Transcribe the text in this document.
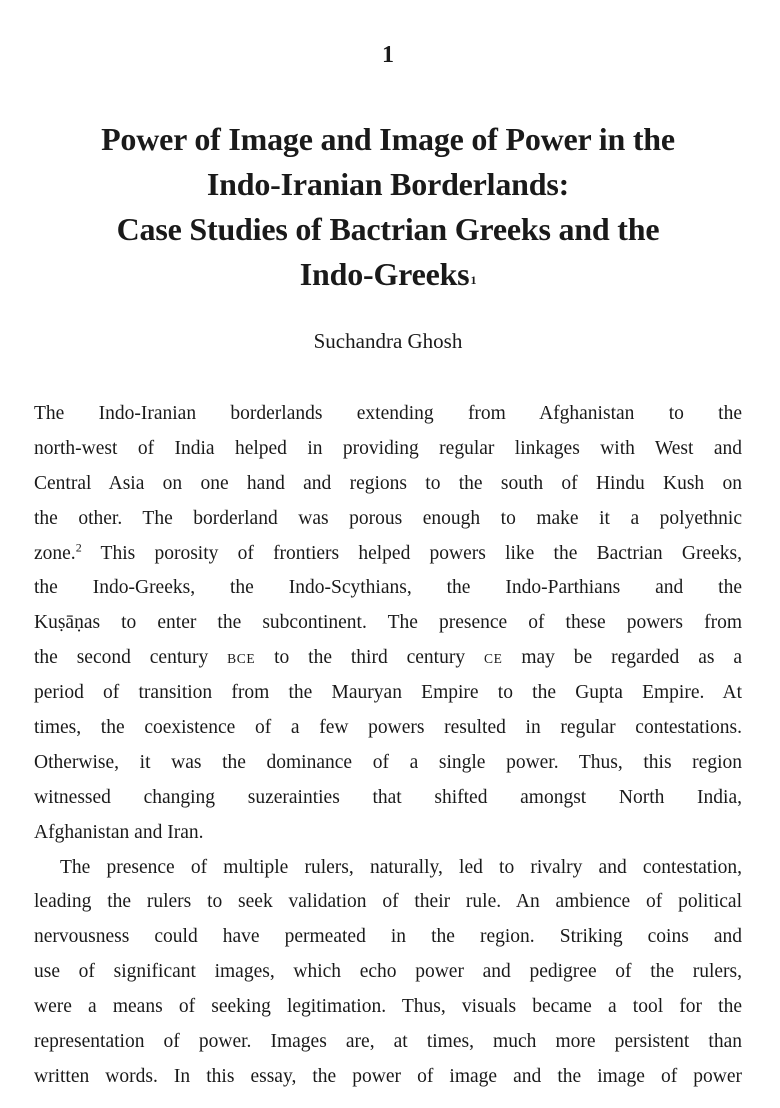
1
Power of Image and Image of Power in the
Indo-Iranian Borderlands:
Case Studies of Bactrian Greeks and the
Indo-Greeks$^1$
Suchandra Ghosh

The Indo-Iranian borderlands extending from Afghanistan to the
north-west of India helped in providing regular linkages with West and
Central Asia on one hand and regions to the south of Hindu Kush on
the other. The borderland was porous enough to make it a polyethnic
zone.$^2$ This porosity of frontiers helped powers like the Bactrian Greeks,
the Indo-Greeks, the Indo-Scythians, the Indo-Parthians and the
Kuṣāṇas to enter the subcontinent. The presence of these powers from
the second century BCE to the third century CE may be regarded as a
period of transition from the Mauryan Empire to the Gupta Empire. At
times, the coexistence of a few powers resulted in regular contestations.
Otherwise, it was the dominance of a single power. Thus, this region
witnessed changing suzerainties that shifted amongst North India,
Afghanistan and Iran.

The presence of multiple rulers, naturally, led to rivalry and contestation,
leading the rulers to seek validation of their rule. An ambience of political
nervousness could have permeated in the region. Striking coins and
use of significant images, which echo power and pedigree of the rulers,
were a means of seeking legitimation. Thus, visuals became a tool for the
representation of power. Images are, at times, much more persistent than
written words. In this essay, the power of image and the image of power
